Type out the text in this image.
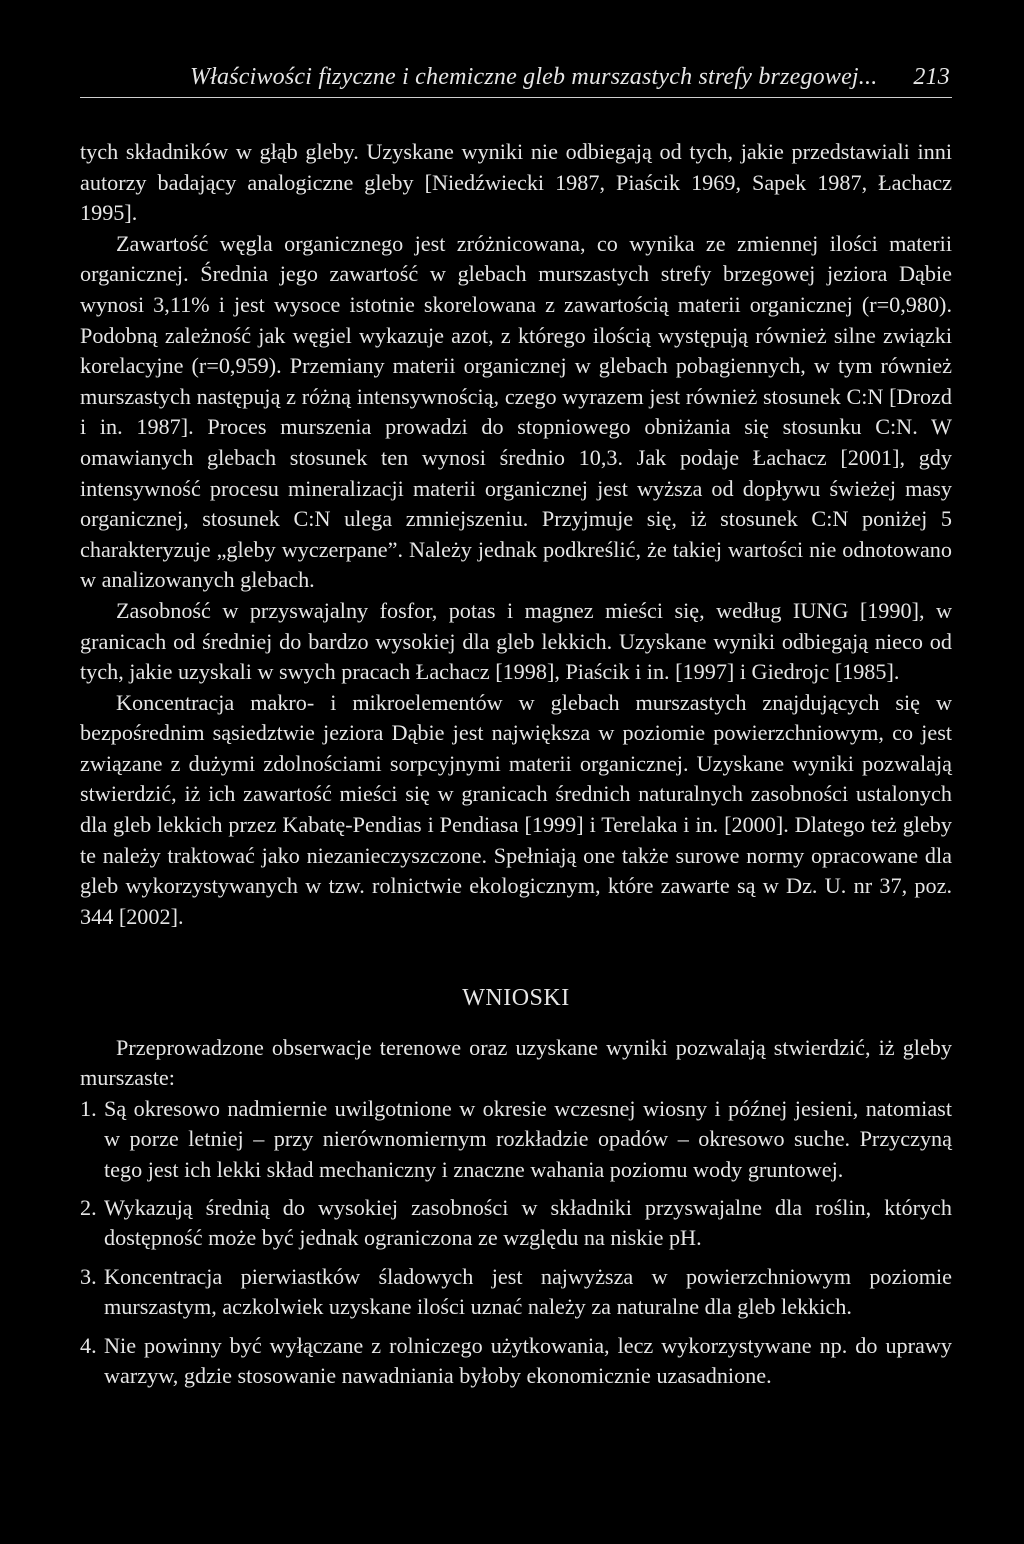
Właściwości fizyczne i chemiczne gleb murszastych strefy brzegowej... 213

tych składników w głąb gleby. Uzyskane wyniki nie odbiegają od tych, jakie przedstawiali inni autorzy badający analogiczne gleby [Niedźwiecki 1987, Piaścik 1969, Sapek 1987, Łachacz 1995].

Zawartość węgla organicznego jest zróżnicowana, co wynika ze zmiennej ilości materii organicznej. Średnia jego zawartość w glebach murszastych strefy brzegowej jeziora Dąbie wynosi 3,11% i jest wysoce istotnie skorelowana z zawartością materii organicznej (r=0,980). Podobną zależność jak węgiel wykazuje azot, z którego ilością występują również silne związki korelacyjne (r=0,959). Przemiany materii organicznej w glebach pobagiennych, w tym również murszastych następują z różną intensywnością, czego wyrazem jest również stosunek C:N [Drozd i in. 1987]. Proces murszenia prowadzi do stopniowego obniżania się stosunku C:N. W omawianych glebach stosunek ten wynosi średnio 10,3. Jak podaje Łachacz [2001], gdy intensywność procesu mineralizacji materii organicznej jest wyższa od dopływu świeżej masy organicznej, stosunek C:N ulega zmniejszeniu. Przyjmuje się, iż stosunek C:N poniżej 5 charakteryzuje „gleby wyczerpane”. Należy jednak podkreślić, że takiej wartości nie odnotowano w analizowanych glebach.

Zasobność w przyswajalny fosfor, potas i magnez mieści się, według IUNG [1990], w granicach od średniej do bardzo wysokiej dla gleb lekkich. Uzyskane wyniki odbiegają nieco od tych, jakie uzyskali w swych pracach Łachacz [1998], Piaścik i in. [1997] i Giedrojc [1985].

Koncentracja makro- i mikroelementów w glebach murszastych znajdujących się w bezpośrednim sąsiedztwie jeziora Dąbie jest największa w poziomie powierzchniowym, co jest związane z dużymi zdolnościami sorpcyjnymi materii organicznej. Uzyskane wyniki pozwalają stwierdzić, iż ich zawartość mieści się w granicach średnich naturalnych zasobności ustalonych dla gleb lekkich przez Kabatę-Pendias i Pendiasa [1999] i Terelaka i in. [2000]. Dlatego też gleby te należy traktować jako niezanieczyszczone. Spełniają one także surowe normy opracowane dla gleb wykorzystywanych w tzw. rolnictwie ekologicznym, które zawarte są w Dz. U. nr 37, poz. 344 [2002].

WNIOSKI

Przeprowadzone obserwacje terenowe oraz uzyskane wyniki pozwalają stwierdzić, iż gleby murszaste:

1. Są okresowo nadmiernie uwilgotnione w okresie wczesnej wiosny i późnej jesieni, natomiast w porze letniej – przy nierównomiernym rozkładzie opadów – okresowo suche. Przyczyną tego jest ich lekki skład mechaniczny i znaczne wahania poziomu wody gruntowej.
2. Wykazują średnią do wysokiej zasobności w składniki przyswajalne dla roślin, których dostępność może być jednak ograniczona ze względu na niskie pH.
3. Koncentracja pierwiastków śladowych jest najwyższa w powierzchniowym poziomie murszastym, aczkolwiek uzyskane ilości uznać należy za naturalne dla gleb lekkich.
4. Nie powinny być wyłączane z rolniczego użytkowania, lecz wykorzystywane np. do uprawy warzyw, gdzie stosowanie nawadniania byłoby ekonomicznie uzasadnione.
